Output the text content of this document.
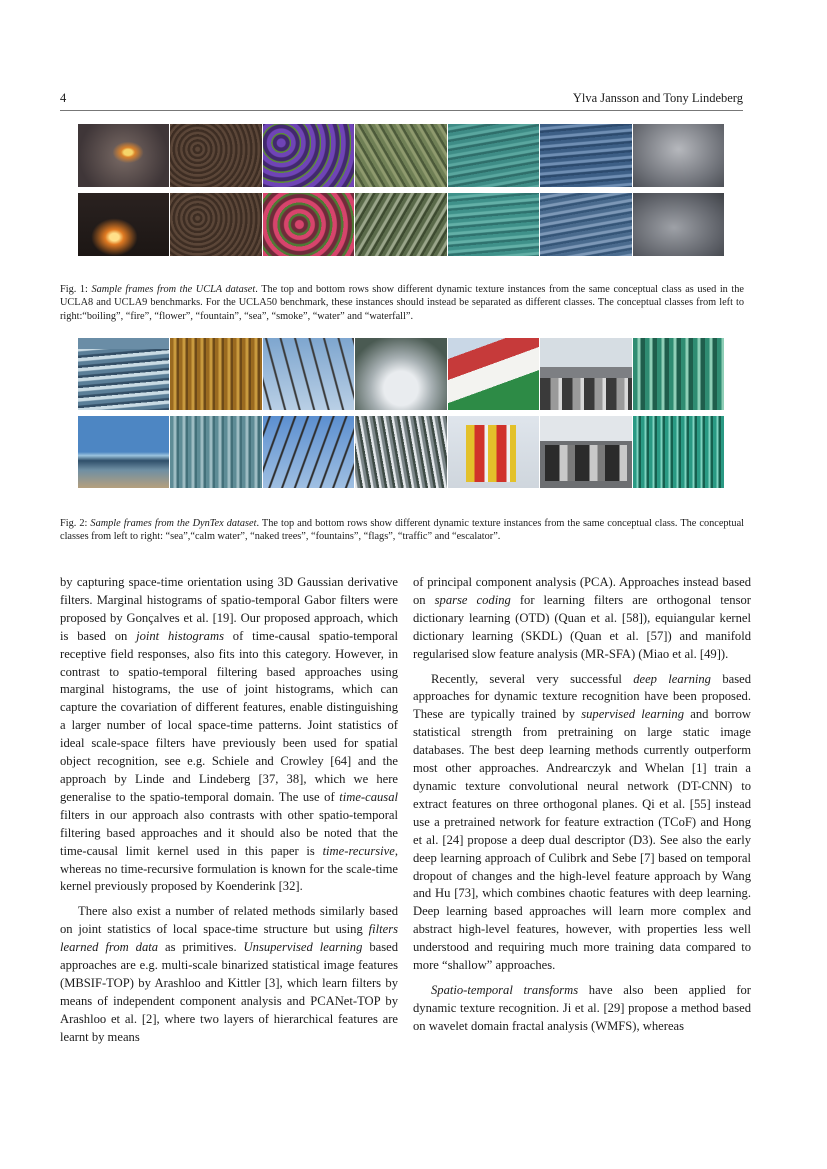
4	Ylva Jansson and Tony Lindeberg
Fig. 1: Sample frames from the UCLA dataset. The top and bottom rows show different dynamic texture instances from the same conceptual class as used in the UCLA8 and UCLA9 benchmarks. For the UCLA50 benchmark, these instances should instead be separated as different classes. The conceptual classes from left to right:“boiling”, “fire”, “flower”, “fountain”, “sea”, “smoke”, “water” and “waterfall”.
Fig. 2: Sample frames from the DynTex dataset. The top and bottom rows show different dynamic texture instances from the same conceptual class. The conceptual classes from left to right: “sea”,“calm water”, “naked trees”, “fountains”, “flags”, “traffic” and “escalator”.

by capturing space-time orientation using 3D Gaussian derivative filters. Marginal histograms of spatio-temporal Gabor filters were proposed by Gonçalves et al. [19]. Our proposed approach, which is based on joint histograms of time-causal spatio-temporal receptive field responses, also fits into this category. However, in contrast to spatio-temporal filtering based approaches using marginal histograms, the use of joint histograms, which can capture the covariation of different features, enable distinguishing a larger number of local space-time patterns. Joint statistics of ideal scale-space filters have previously been used for spatial object recognition, see e.g. Schiele and Crowley [64] and the approach by Linde and Lindeberg [37, 38], which we here generalise to the spatio-temporal domain. The use of time-causal filters in our approach also contrasts with other spatio-temporal filtering based approaches and it should also be noted that the time-causal limit kernel used in this paper is time-recursive, whereas no time-recursive formulation is known for the scale-time kernel previously proposed by Koenderink [32].

There also exist a number of related methods similarly based on joint statistics of local space-time structure but using filters learned from data as primitives. Unsupervised learning based approaches are e.g. multi-scale binarized statistical image features (MBSIF-TOP) by Arashloo and Kittler [3], which learn filters by means of independent component analysis and PCANet-TOP by Arashloo et al. [2], where two layers of hierarchical features are learnt by means

of principal component analysis (PCA). Approaches instead based on sparse coding for learning filters are orthogonal tensor dictionary learning (OTD) (Quan et al. [58]), equiangular kernel dictionary learning (SKDL) (Quan et al. [57]) and manifold regularised slow feature analysis (MR-SFA) (Miao et al. [49]).

Recently, several very successful deep learning based approaches for dynamic texture recognition have been proposed. These are typically trained by supervised learning and borrow statistical strength from pretraining on large static image databases. The best deep learning methods currently outperform most other approaches. Andrearczyk and Whelan [1] train a dynamic texture convolutional neural network (DT-CNN) to extract features on three orthogonal planes. Qi et al. [55] instead use a pretrained network for feature extraction (TCoF) and Hong et al. [24] propose a deep dual descriptor (D3). See also the early deep learning approach of Culibrk and Sebe [7] based on temporal dropout of changes and the high-level feature approach by Wang and Hu [73], which combines chaotic features with deep learning. Deep learning based approaches will learn more complex and abstract high-level features, however, with properties less well understood and requiring much more training data compared to more “shallow” approaches.

Spatio-temporal transforms have also been applied for dynamic texture recognition. Ji et al. [29] propose a method based on wavelet domain fractal analysis (WMFS), whereas
